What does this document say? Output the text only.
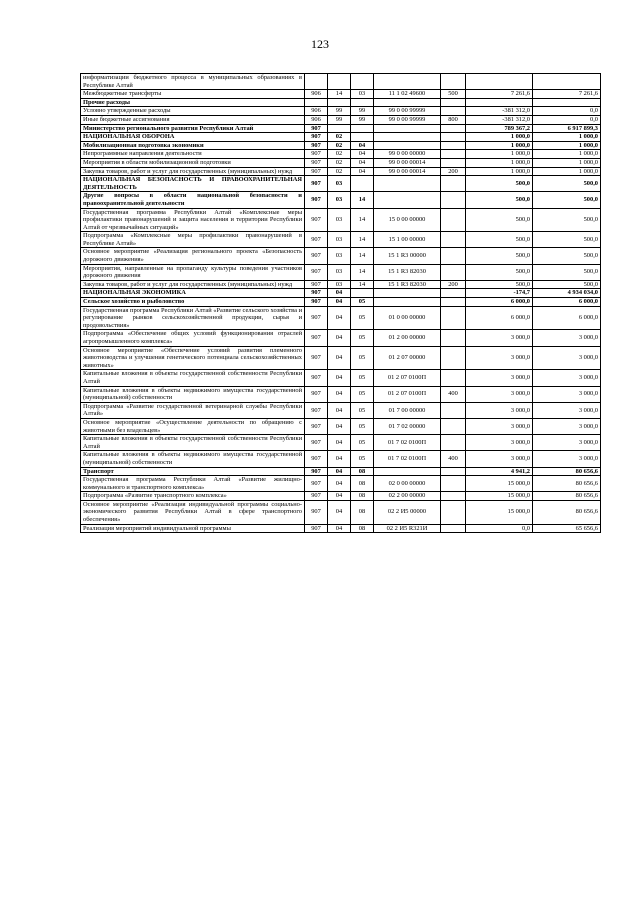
123
информатизации бюджетного процесса в муниципальных образованиях в Республике Алтай							
Межбюджетные трансферты	906	14	03	11 1 02 49600	500	7 261,6	7 261,6
Прочие расходы							
Условно утвержденные расходы	906	99	99	99 0 00 99999		-381 312,0	0,0
Иные бюджетные ассигнования	906	99	99	99 0 00 99999	800	-381 312,0	0,0
Министерство регионального развития Республики Алтай	907					789 367,2	6 917 899,3
НАЦИОНАЛЬНАЯ ОБОРОНА	907	02				1 000,0	1 000,0
Мобилизационная подготовка экономики	907	02	04			1 000,0	1 000,0
Непрограммные направления деятельности	907	02	04	99 0 00 00000		1 000,0	1 000,0
Мероприятия в области мобилизационной подготовки	907	02	04	99 0 00 00014		1 000,0	1 000,0
Закупка товаров, работ и услуг для государственных (муниципальных) нужд	907	02	04	99 0 00 00014	200	1 000,0	1 000,0
НАЦИОНАЛЬНАЯ БЕЗОПАСНОСТЬ И ПРАВООХРАНИТЕЛЬНАЯ ДЕЯТЕЛЬНОСТЬ	907	03				500,0	500,0
Другие вопросы в области национальной безопасности и правоохранительной деятельности	907	03	14			500,0	500,0
Государственная программа Республики Алтай «Комплексные меры профилактики правонарушений и защита населения и территории Республики Алтай от чрезвычайных ситуаций»	907	03	14	15 0 00 00000		500,0	500,0
Подпрограмма «Комплексные меры профилактики правонарушений в Республике Алтай»	907	03	14	15 1 00 00000		500,0	500,0
Основное мероприятие «Реализация регионального проекта «Безопасность дорожного движения»	907	03	14	15 1 R3 00000		500,0	500,0
Мероприятия, направленные на пропаганду культуры поведения участников дорожного движения	907	03	14	15 1 R3 82030		500,0	500,0
Закупка товаров, работ и услуг для государственных (муниципальных) нужд	907	03	14	15 1 R3 82030	200	500,0	500,0
НАЦИОНАЛЬНАЯ ЭКОНОМИКА	907	04				-174,7	4 934 034,0
Сельское хозяйство и рыболовство	907	04	05			6 000,0	6 000,0
Государственная программа Республики Алтай «Развитие сельского хозяйства и регулирование рынков сельскохозяйственной продукции, сырья и продовольствия»	907	04	05	01 0 00 00000		6 000,0	6 000,0
Подпрограмма «Обеспечение общих условий функционирования отраслей агропромышленного комплекса»	907	04	05	01 2 00 00000		3 000,0	3 000,0
Основное мероприятие «Обеспечение условий развития племенного животноводства и улучшения генетического потенциала сельскохозяйственных животных»	907	04	05	01 2 07 00000		3 000,0	3 000,0
Капитальные вложения в объекты государственной собственности Республики Алтай	907	04	05	01 2 07 0100П		3 000,0	3 000,0
Капитальные вложения в объекты недвижимого имущества государственной (муниципальной) собственности	907	04	05	01 2 07 0100П	400	3 000,0	3 000,0
Подпрограмма «Развитие государственной ветеринарной службы Республики Алтай»	907	04	05	01 7 00 00000		3 000,0	3 000,0
Основное мероприятие «Осуществление деятельности по обращению с животными без владельцев»	907	04	05	01 7 02 00000		3 000,0	3 000,0
Капитальные вложения в объекты государственной собственности Республики Алтай	907	04	05	01 7 02 0100П		3 000,0	3 000,0
Капитальные вложения в объекты недвижимого имущества государственной (муниципальной) собственности	907	04	05	01 7 02 0100П	400	3 000,0	3 000,0
Транспорт	907	04	08			4 941,2	80 656,6
Государственная программа Республики Алтай «Развитие жилищно-коммунального и транспортного комплекса»	907	04	08	02 0 00 00000		15 000,0	80 656,6
Подпрограмма «Развитие транспортного комплекса»	907	04	08	02 2 00 00000		15 000,0	80 656,6
Основное мероприятие «Реализация индивидуальной программы социально-экономического развития Республики Алтай в сфере транспортного обеспечения»	907	04	08	02 2 И5 00000		15 000,0	80 656,6
Реализация мероприятий индивидуальной программы	907	04	08	02 2 И5 R321И		0,0	65 656,6
